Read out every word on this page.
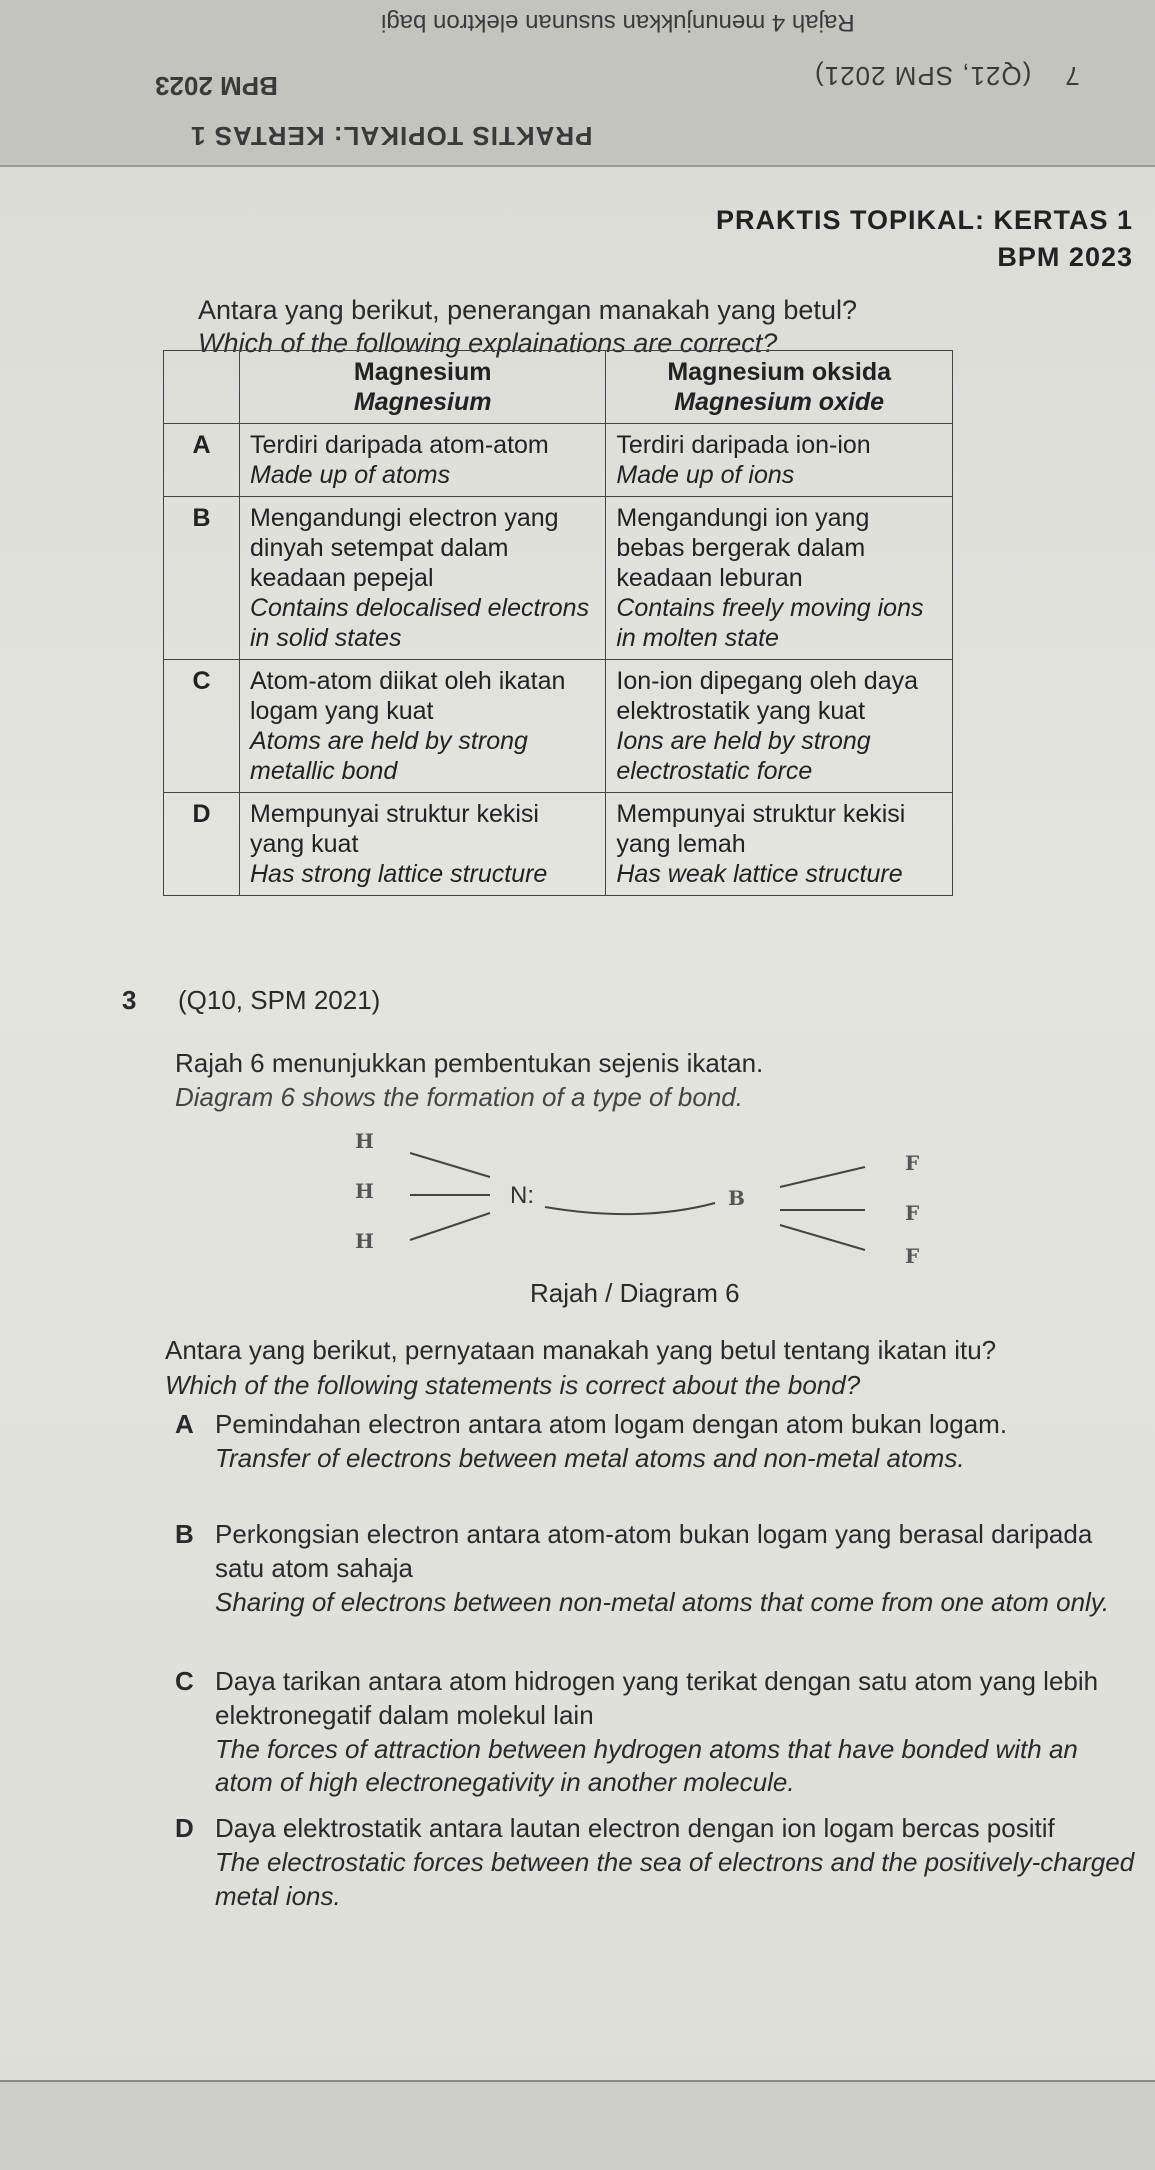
Rajah 4 menunjukkan susunan elektron bagi
7    (Q21, SPM 2021)
BPM 2023
PRAKTIS TOPIKAL: KERTAS 1
PRAKTIS TOPIKAL: KERTAS 1
BPM 2023
Antara yang berikut, penerangan manakah yang betul?
Which of the following explainations are correct?

	Magnesium
Magnesium	Magnesium oksida
Magnesium oxide

A	Terdiri daripada atom-atom
Made up of atoms	Terdiri daripada ion-ion
Made up of ions

B	Mengandungi electron yang dinyah setempat dalam keadaan pepejal
Contains delocalised electrons in solid states	Mengandungi ion yang bebas bergerak dalam keadaan leburan
Contains freely moving ions in molten state

C	Atom-atom diikat oleh ikatan logam yang kuat
Atoms are held by strong metallic bond	Ion-ion dipegang oleh daya elektrostatik yang kuat
Ions are held by strong electrostatic force

D	Mempunyai struktur kekisi yang kuat
Has strong lattice structure	Mempunyai struktur kekisi yang lemah
Has weak lattice structure
3 (Q10, SPM 2021)
Rajah 6 menunjukkan pembentukan sejenis ikatan.
Diagram 6 shows the formation of a type of bond.
H
H
H
N:	B
F
F
F
Rajah / Diagram 6
Antara yang berikut, pernyataan manakah yang betul tentang ikatan itu?
Which of the following statements is correct about the bond?
A Pemindahan electron antara atom logam dengan atom bukan logam.
Transfer of electrons between metal atoms and non-metal atoms.
B Perkongsian electron antara atom-atom bukan logam yang berasal daripada satu atom sahaja
Sharing of electrons between non-metal atoms that come from one atom only.
C Daya tarikan antara atom hidrogen yang terikat dengan satu atom yang lebih elektronegatif dalam molekul lain
The forces of attraction between hydrogen atoms that have bonded with an atom of high electronegativity in another molecule.
D Daya elektrostatik antara lautan electron dengan ion logam bercas positif
The electrostatic forces between the sea of electrons and the positively-charged metal ions.
